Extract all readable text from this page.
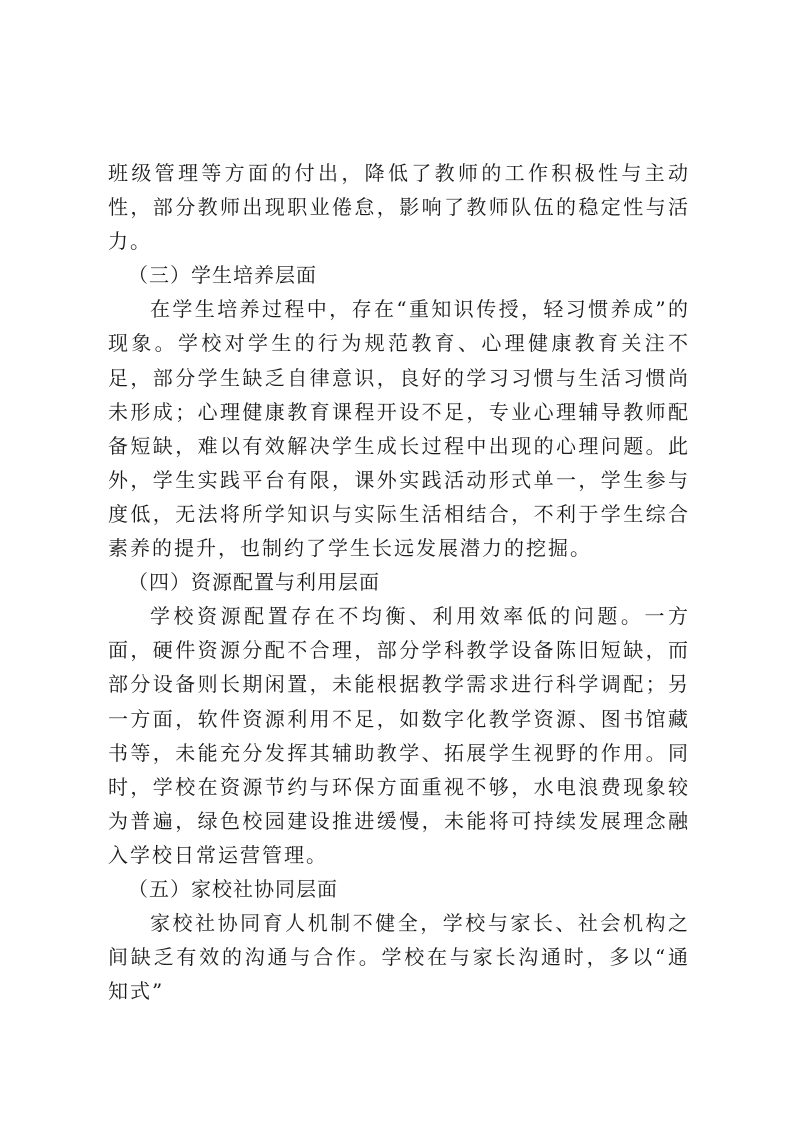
班级管理等方面的付出，降低了教师的工作积极性与主动性，部分教师出现职业倦怠，影响了教师队伍的稳定性与活力。

（三）学生培养层面

在学生培养过程中，存在“重知识传授，轻习惯养成”的现象。学校对学生的行为规范教育、心理健康教育关注不足，部分学生缺乏自律意识，良好的学习习惯与生活习惯尚未形成；心理健康教育课程开设不足，专业心理辅导教师配备短缺，难以有效解决学生成长过程中出现的心理问题。此外，学生实践平台有限，课外实践活动形式单一，学生参与度低，无法将所学知识与实际生活相结合，不利于学生综合素养的提升，也制约了学生长远发展潜力的挖掘。

（四）资源配置与利用层面

学校资源配置存在不均衡、利用效率低的问题。一方面，硬件资源分配不合理，部分学科教学设备陈旧短缺，而部分设备则长期闲置，未能根据教学需求进行科学调配；另一方面，软件资源利用不足，如数字化教学资源、图书馆藏书等，未能充分发挥其辅助教学、拓展学生视野的作用。同时，学校在资源节约与环保方面重视不够，水电浪费现象较为普遍，绿色校园建设推进缓慢，未能将可持续发展理念融入学校日常运营管理。

（五）家校社协同层面

家校社协同育人机制不健全，学校与家长、社会机构之间缺乏有效的沟通与合作。学校在与家长沟通时，多以“通知式”
